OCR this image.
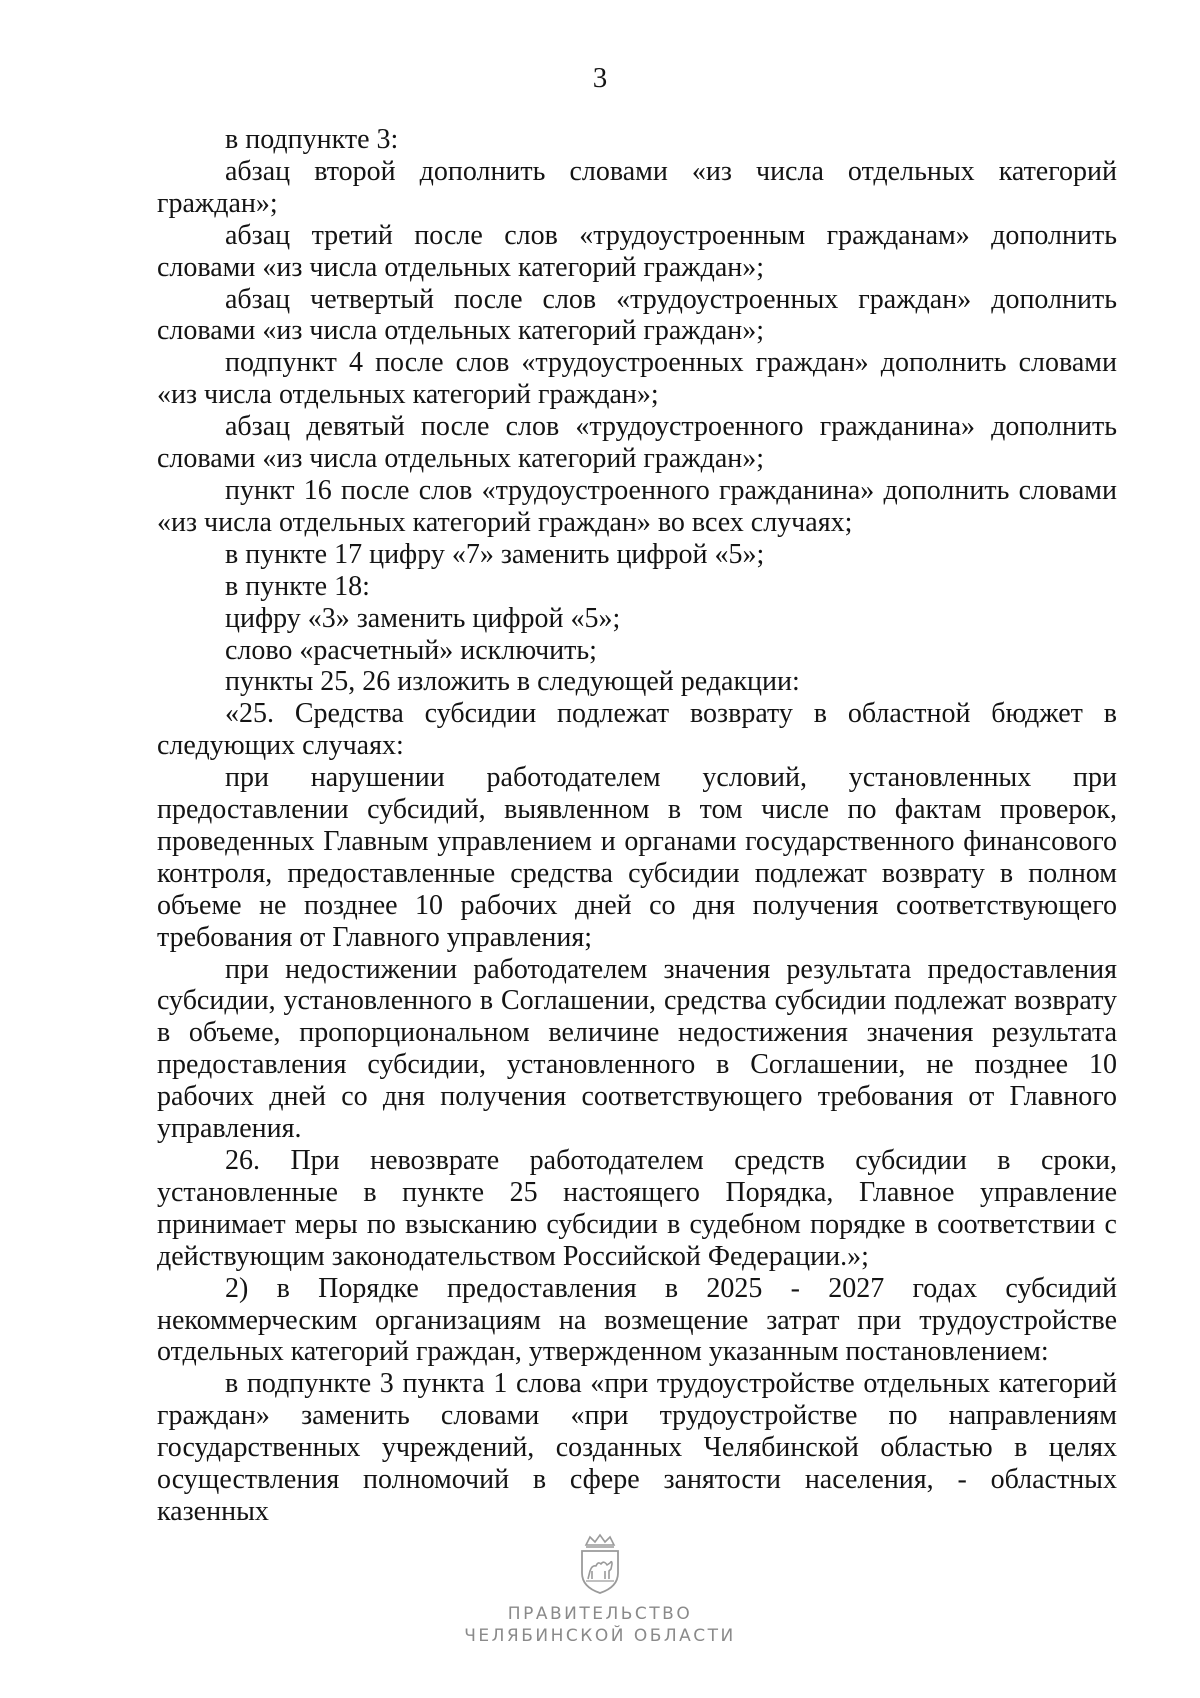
3

в подпункте 3:

абзац второй дополнить словами «из числа отдельных категорий граждан»;

абзац третий после слов «трудоустроенным гражданам» дополнить словами «из числа отдельных категорий граждан»;

абзац четвертый после слов «трудоустроенных граждан» дополнить словами «из числа отдельных категорий граждан»;

подпункт 4 после слов «трудоустроенных граждан» дополнить словами «из числа отдельных категорий граждан»;

абзац девятый после слов «трудоустроенного гражданина» дополнить словами «из числа отдельных категорий граждан»;

пункт 16 после слов «трудоустроенного гражданина» дополнить словами «из числа отдельных категорий граждан» во всех случаях;

в пункте 17 цифру «7» заменить цифрой «5»;

в пункте 18:

цифру «3» заменить цифрой «5»;

слово «расчетный» исключить;

пункты 25, 26 изложить в следующей редакции:

«25. Средства субсидии подлежат возврату в областной бюджет в следующих случаях:

при нарушении работодателем условий, установленных при предоставлении субсидий, выявленном в том числе по фактам проверок, проведенных Главным управлением и органами государственного финансового контроля, предоставленные средства субсидии подлежат возврату в полном объеме не позднее 10 рабочих дней со дня получения соответствующего требования от Главного управления;

при недостижении работодателем значения результата предоставления субсидии, установленного в Соглашении, средства субсидии подлежат возврату в объеме, пропорциональном величине недостижения значения результата предоставления субсидии, установленного в Соглашении, не позднее 10 рабочих дней со дня получения соответствующего требования от Главного управления.

26. При невозврате работодателем средств субсидии в сроки, установленные в пункте 25 настоящего Порядка, Главное управление принимает меры по взысканию субсидии в судебном порядке в соответствии с действующим законодательством Российской Федерации.»;

2) в Порядке предоставления в 2025 - 2027 годах субсидий некоммерческим организациям на возмещение затрат при трудоустройстве отдельных категорий граждан, утвержденном указанным постановлением:

в подпункте 3 пункта 1 слова «при трудоустройстве отдельных категорий граждан» заменить словами «при трудоустройстве по направлениям государственных учреждений, созданных Челябинской областью в целях осуществления полномочий в сфере занятости населения, - областных казенных

ПРАВИТЕЛЬСТВО
ЧЕЛЯБИНСКОЙ ОБЛАСТИ
